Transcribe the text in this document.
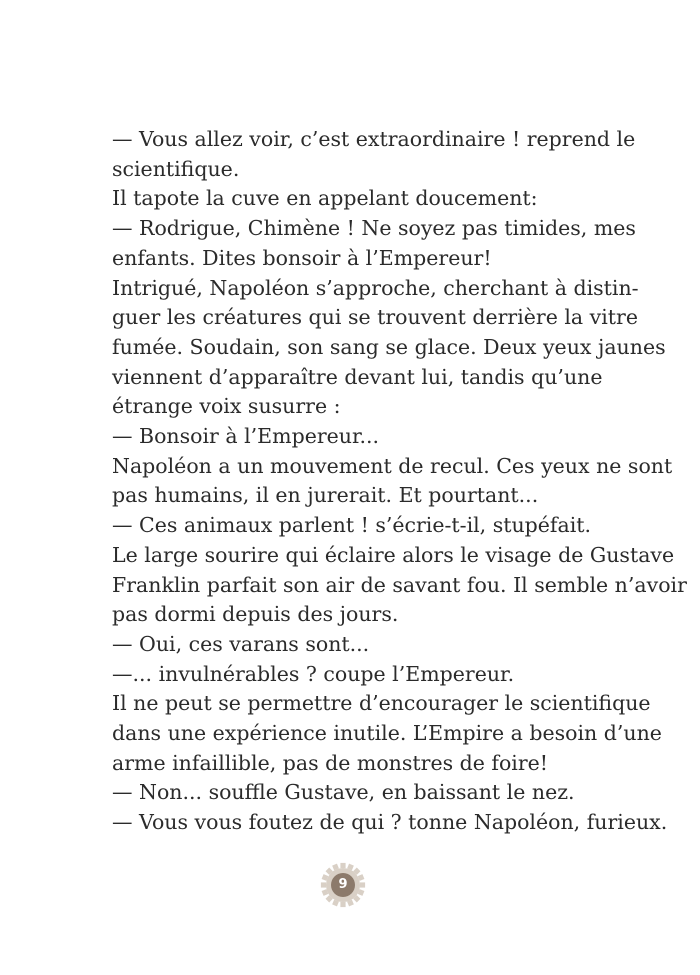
— Vous allez voir, c’est extraordinaire ! reprend le
scientifique.
Il tapote la cuve en appelant doucement:
— Rodrigue, Chimène ! Ne soyez pas timides, mes
enfants. Dites bonsoir à l’Empereur!
Intrigué, Napoléon s’approche, cherchant à distin-
guer les créatures qui se trouvent derrière la vitre
fumée. Soudain, son sang se glace. Deux yeux jaunes
viennent d’apparaître devant lui, tandis qu’une
étrange voix susurre :
— Bonsoir à l’Empereur...
Napoléon a un mouvement de recul. Ces yeux ne sont
pas humains, il en jurerait. Et pourtant...
— Ces animaux parlent ! s’écrie-t-il, stupéfait.
Le large sourire qui éclaire alors le visage de Gustave
Franklin parfait son air de savant fou. Il semble n’avoir
pas dormi depuis des jours.
— Oui, ces varans sont...
—... invulnérables ? coupe l’Empereur.
Il ne peut se permettre d’encourager le scientifique
dans une expérience inutile. L’Empire a besoin d’une
arme infaillible, pas de monstres de foire!
— Non... souffle Gustave, en baissant le nez.
— Vous vous foutez de qui ? tonne Napoléon, furieux.
9
